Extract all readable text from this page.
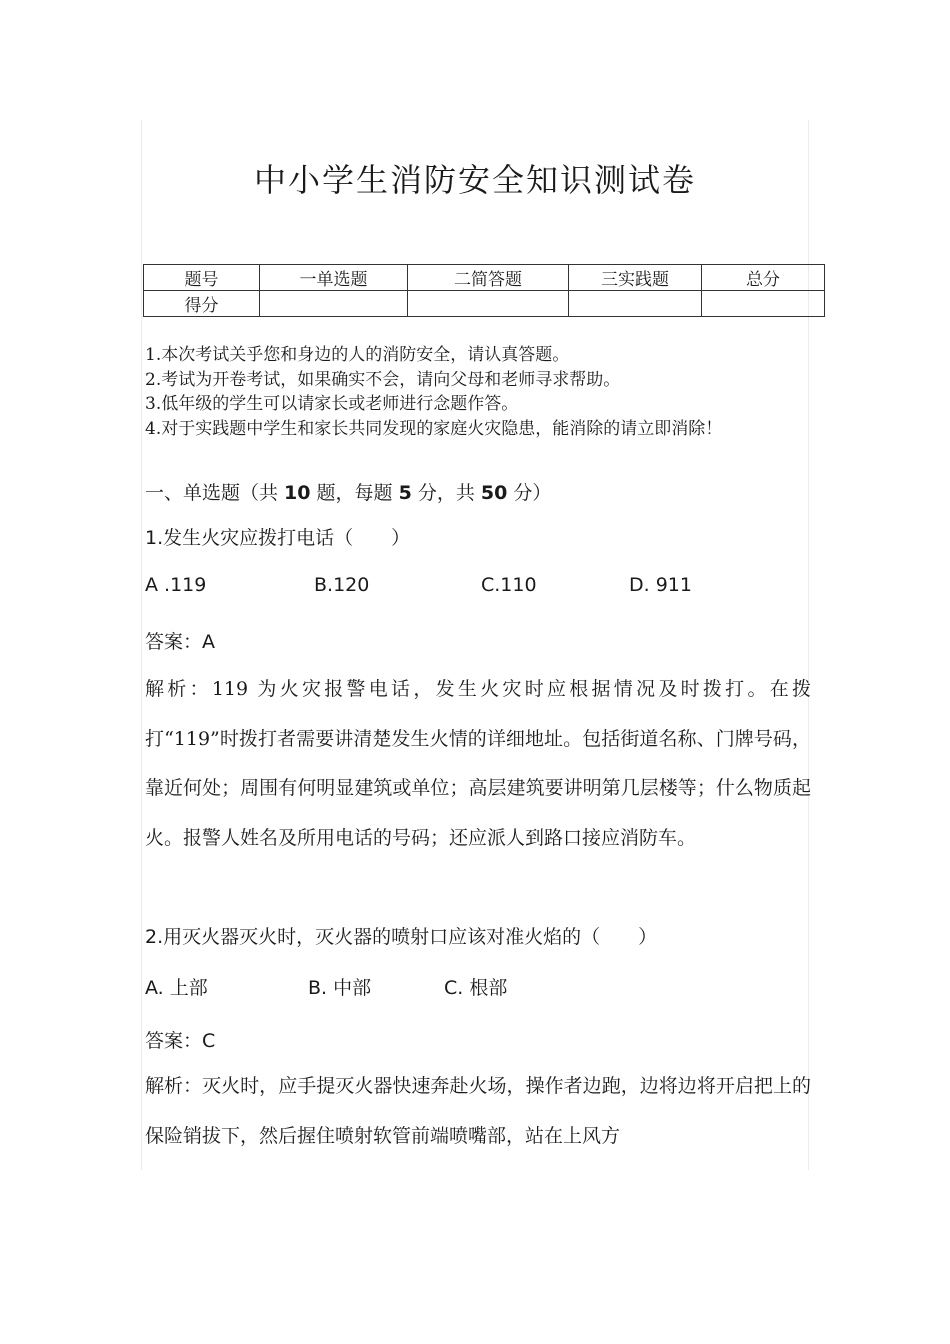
中小学生消防安全知识测试卷
题号	一单选题	二简答题	三实践题	总分
得分				
1.本次考试关乎您和身边的人的消防安全，请认真答题。
2.考试为开卷考试，如果确实不会，请向父母和老师寻求帮助。
3.低年级的学生可以请家长或老师进行念题作答。
4.对于实践题中学生和家长共同发现的家庭火灾隐患，能消除的请立即消除！
一、单选题（共 10 题，每题 5 分，共 50 分）
1.发生火灾应拨打电话（　　）
A .119	B.120	C.110	D. 911
答案：A
解析：119 为火灾报警电话，发生火灾时应根据情况及时拨打。在拨打“119”时拨打者需要讲清楚发生火情的详细地址。包括街道名称、门牌号码，靠近何处；周围有何明显建筑或单位；高层建筑要讲明第几层楼等；什么物质起火。报警人姓名及所用电话的号码；还应派人到路口接应消防车。
2.用灭火器灭火时，灭火器的喷射口应该对准火焰的（　　）
A. 上部	B. 中部	C. 根部
答案：C
解析：灭火时，应手提灭火器快速奔赴火场，操作者边跑，边将边将开启把上的保险销拔下，然后握住喷射软管前端喷嘴部，站在上风方
